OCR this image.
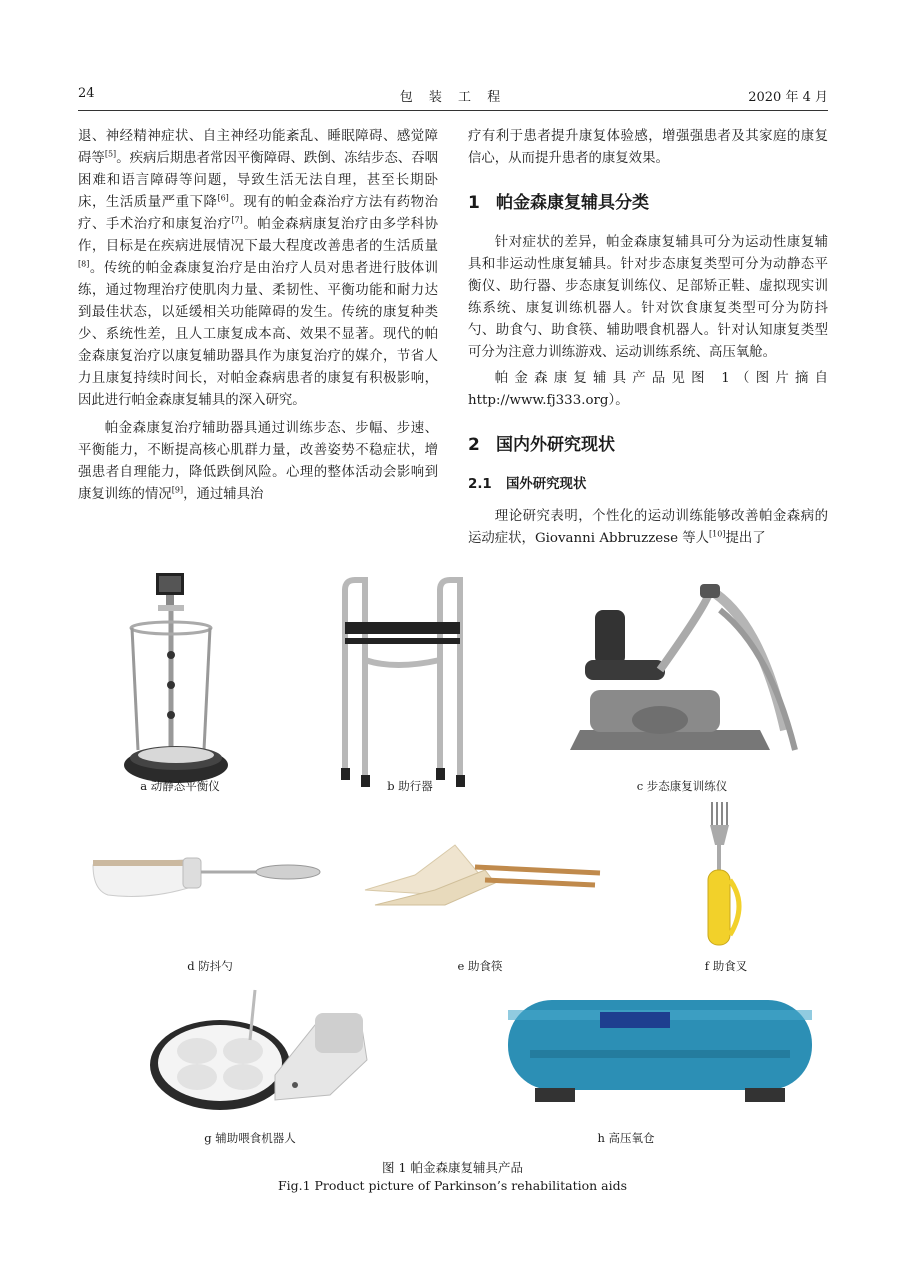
24	包 装 工 程	2020 年 4 月

退、神经精神症状、自主神经功能紊乱、睡眠障碍、感觉障碍等[5]。疾病后期患者常因平衡障碍、跌倒、冻结步态、吞咽困难和语言障碍等问题，导致生活无法自理，甚至长期卧床，生活质量严重下降[6]。现有的帕金森治疗方法有药物治疗、手术治疗和康复治疗[7]。帕金森病康复治疗由多学科协作，目标是在疾病进展情况下最大程度改善患者的生活质量[8]。传统的帕金森康复治疗是由治疗人员对患者进行肢体训练，通过物理治疗使肌肉力量、柔韧性、平衡功能和耐力达到最佳状态，以延缓相关功能障碍的发生。传统的康复种类少、系统性差，且人工康复成本高、效果不显著。现代的帕金森康复治疗以康复辅助器具作为康复治疗的媒介，节省人力且康复持续时间长，对帕金森病患者的康复有积极影响，因此进行帕金森康复辅具的深入研究。

帕金森康复治疗辅助器具通过训练步态、步幅、步速、平衡能力，不断提高核心肌群力量，改善姿势不稳症状，增强患者自理能力，降低跌倒风险。心理的整体活动会影响到康复训练的情况[9]，通过辅具治

疗有利于患者提升康复体验感，增强强患者及其家庭的康复信心，从而提升患者的康复效果。

1 帕金森康复辅具分类

针对症状的差异，帕金森康复辅具可分为运动性康复辅具和非运动性康复辅具。针对步态康复类型可分为动静态平衡仪、助行器、步态康复训练仪、足部矫正鞋、虚拟现实训练系统、康复训练机器人。针对饮食康复类型可分为防抖勺、助食勺、助食筷、辅助喂食机器人。针对认知康复类型可分为注意力训练游戏、运动训练系统、高压氧舱。

帕金森康复辅具产品见图 1（图片摘自 http://www.fj333.org）。

2 国内外研究现状
2.1 国外研究现状

理论研究表明，个性化的运动训练能够改善帕金森病的运动症状，Giovanni Abbruzzese 等人[10]提出了

a 动静态平衡仪	b 助行器	c 步态康复训练仪
d 防抖勺	e 助食筷	f 助食叉
g 辅助喂食机器人	h 高压氧仓
图 1 帕金森康复辅具产品
Fig.1 Product picture of Parkinson’s rehabilitation aids
